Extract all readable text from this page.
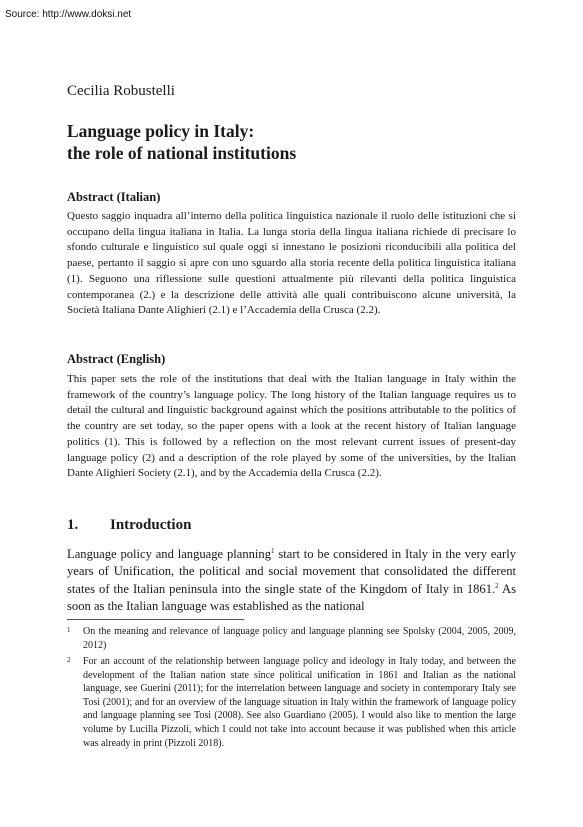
Source: http://www.doksi.net

Cecilia Robustelli

Language policy in Italy:
the role of national institutions
Abstract (Italian)

Questo saggio inquadra all’interno della politica linguistica nazionale il ruolo delle istituzioni che si occupano della lingua italiana in Italia. La lunga storia della lingua italiana richiede di precisare lo sfondo culturale e linguistico sul quale oggi si innestano le posizioni riconducibili alla politica del paese, pertanto il saggio si apre con uno sguardo alla storia recente della politica linguistica italiana (1). Seguono una riflessione sulle questioni attualmente più rilevanti della politica linguistica contemporanea (2.) e la descrizione delle attività alle quali contribuiscono alcune università, la Società Italiana Dante Alighieri (2.1) e l’Accademia della Crusca (2.2).

Abstract (English)

This paper sets the role of the institutions that deal with the Italian language in Italy within the framework of the country’s language policy. The long history of the Italian language requires us to detail the cultural and linguistic background against which the positions attributable to the politics of the country are set today, so the paper opens with a look at the recent history of Italian language politics (1). This is followed by a reflection on the most relevant current issues of present-day language policy (2) and a description of the role played by some of the universities, by the Italian Dante Alighieri Society (2.1), and by the Accademia della Crusca (2.2).

1. Introduction

Language policy and language planning$^1$ start to be considered in Italy in the very early years of Unification, the political and social movement that consolidated the different states of the Italian peninsula into the single state of the Kingdom of Italy in 1861.$^2$ As soon as the Italian language was established as the national

1	On the meaning and relevance of language policy and language planning see Spolsky (2004, 2005, 2009, 2012)
2	For an account of the relationship between language policy and ideology in Italy today, and between the development of the Italian nation state since political unification in 1861 and Italian as the national language, see Guerini (2011); for the interrelation between language and society in contemporary Italy see Tosi (2001); and for an overview of the language situation in Italy within the framework of language policy and language planning see Tosi (2008). See also Guardiano (2005). I would also like to mention the large volume by Lucilla Pizzoli, which I could not take into account because it was published when this article was already in print (Pizzoli 2018).
